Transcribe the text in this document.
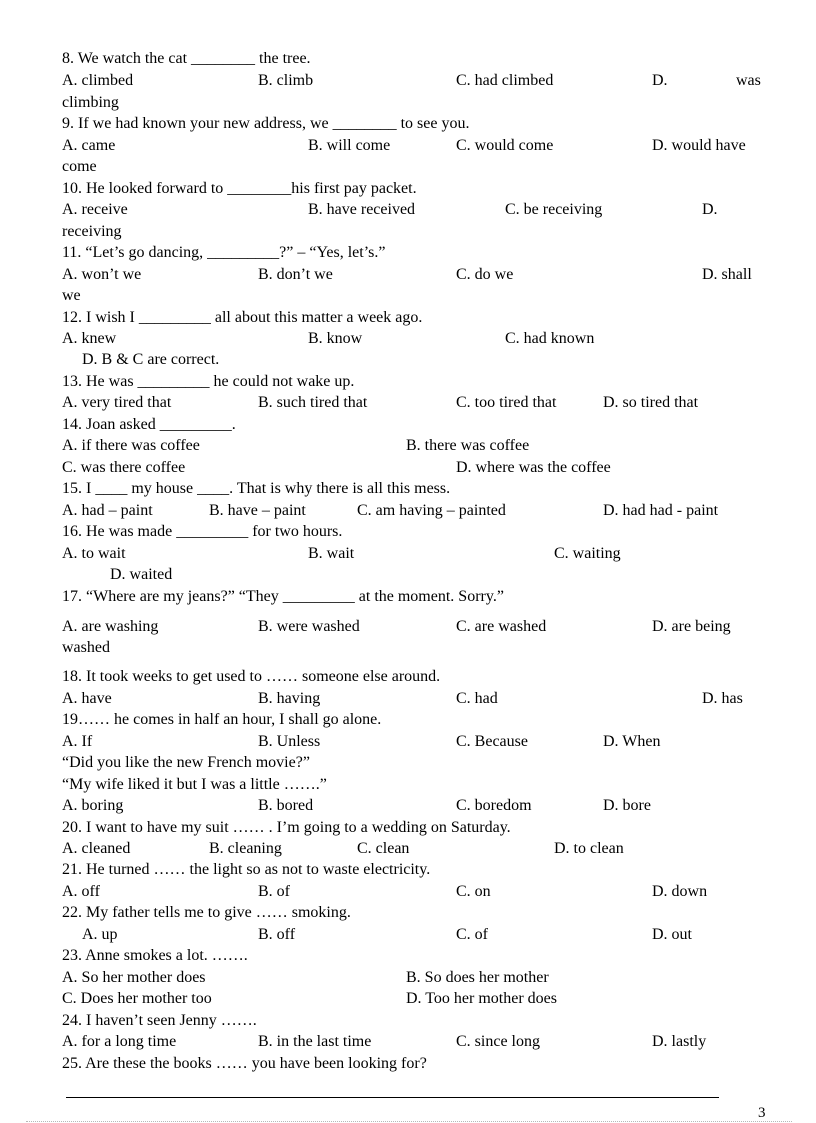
8. We watch the cat ________ the tree.
A. climbed	B. climb	C. had climbed	D.	was
climbing
9. If we had known your new address, we ________ to see you.
A. came	B. will come	C. would come	D. would have
come
10. He looked forward to ________his first pay packet.
A. receive	B. have received	C. be receiving	D.
receiving
11. “Let’s go dancing, _________?” – “Yes, let’s.”
A. won’t we	B. don’t we	C. do we	D. shall
we
12. I wish I _________ all about this matter a week ago.
A. knew	B. know	C. had known
D. B & C are correct.
13. He was _________ he could not wake up.
A. very tired that	B. such tired that	C. too tired that	D. so tired that
14. Joan asked _________.
A. if there was coffee	B. there was coffee
C. was there coffee	D. where was the coffee
15. I ____ my house ____. That is why there is all this mess.
A. had – paint	B. have – paint	C. am having – painted	D. had had - paint
16. He was made _________ for two hours.
A. to wait	B. wait	C. waiting
D. waited
17. “Where are my jeans?” “They _________ at the moment. Sorry.”
A. are washing	B. were washed	C. are washed	D. are being
washed
18. It took weeks to get used to …… someone else around.
A. have	B. having	C. had	D. has
19…… he comes in half an hour, I shall go alone.
A. If	B. Unless	C. Because	D. When
“Did you like the new French movie?”
“My wife liked it but I was a little …….”
A. boring	B. bored	C. boredom	D. bore
20. I want to have my suit …… . I’m going to a wedding on Saturday.
A. cleaned	B. cleaning	C. clean	D. to clean
21. He turned …… the light so as not to waste electricity.
A. off	B. of	C. on	D. down
22. My father tells me to give …… smoking.
A. up	B. off	C. of	D. out
23. Anne smokes a lot. …….
A. So her mother does	B. So does her mother
C. Does her mother too	D. Too her mother does
24. I haven’t seen Jenny …….
A. for a long time	B. in the last time	C. since long	D. lastly
25. Are these the books …… you have been looking for?
3
